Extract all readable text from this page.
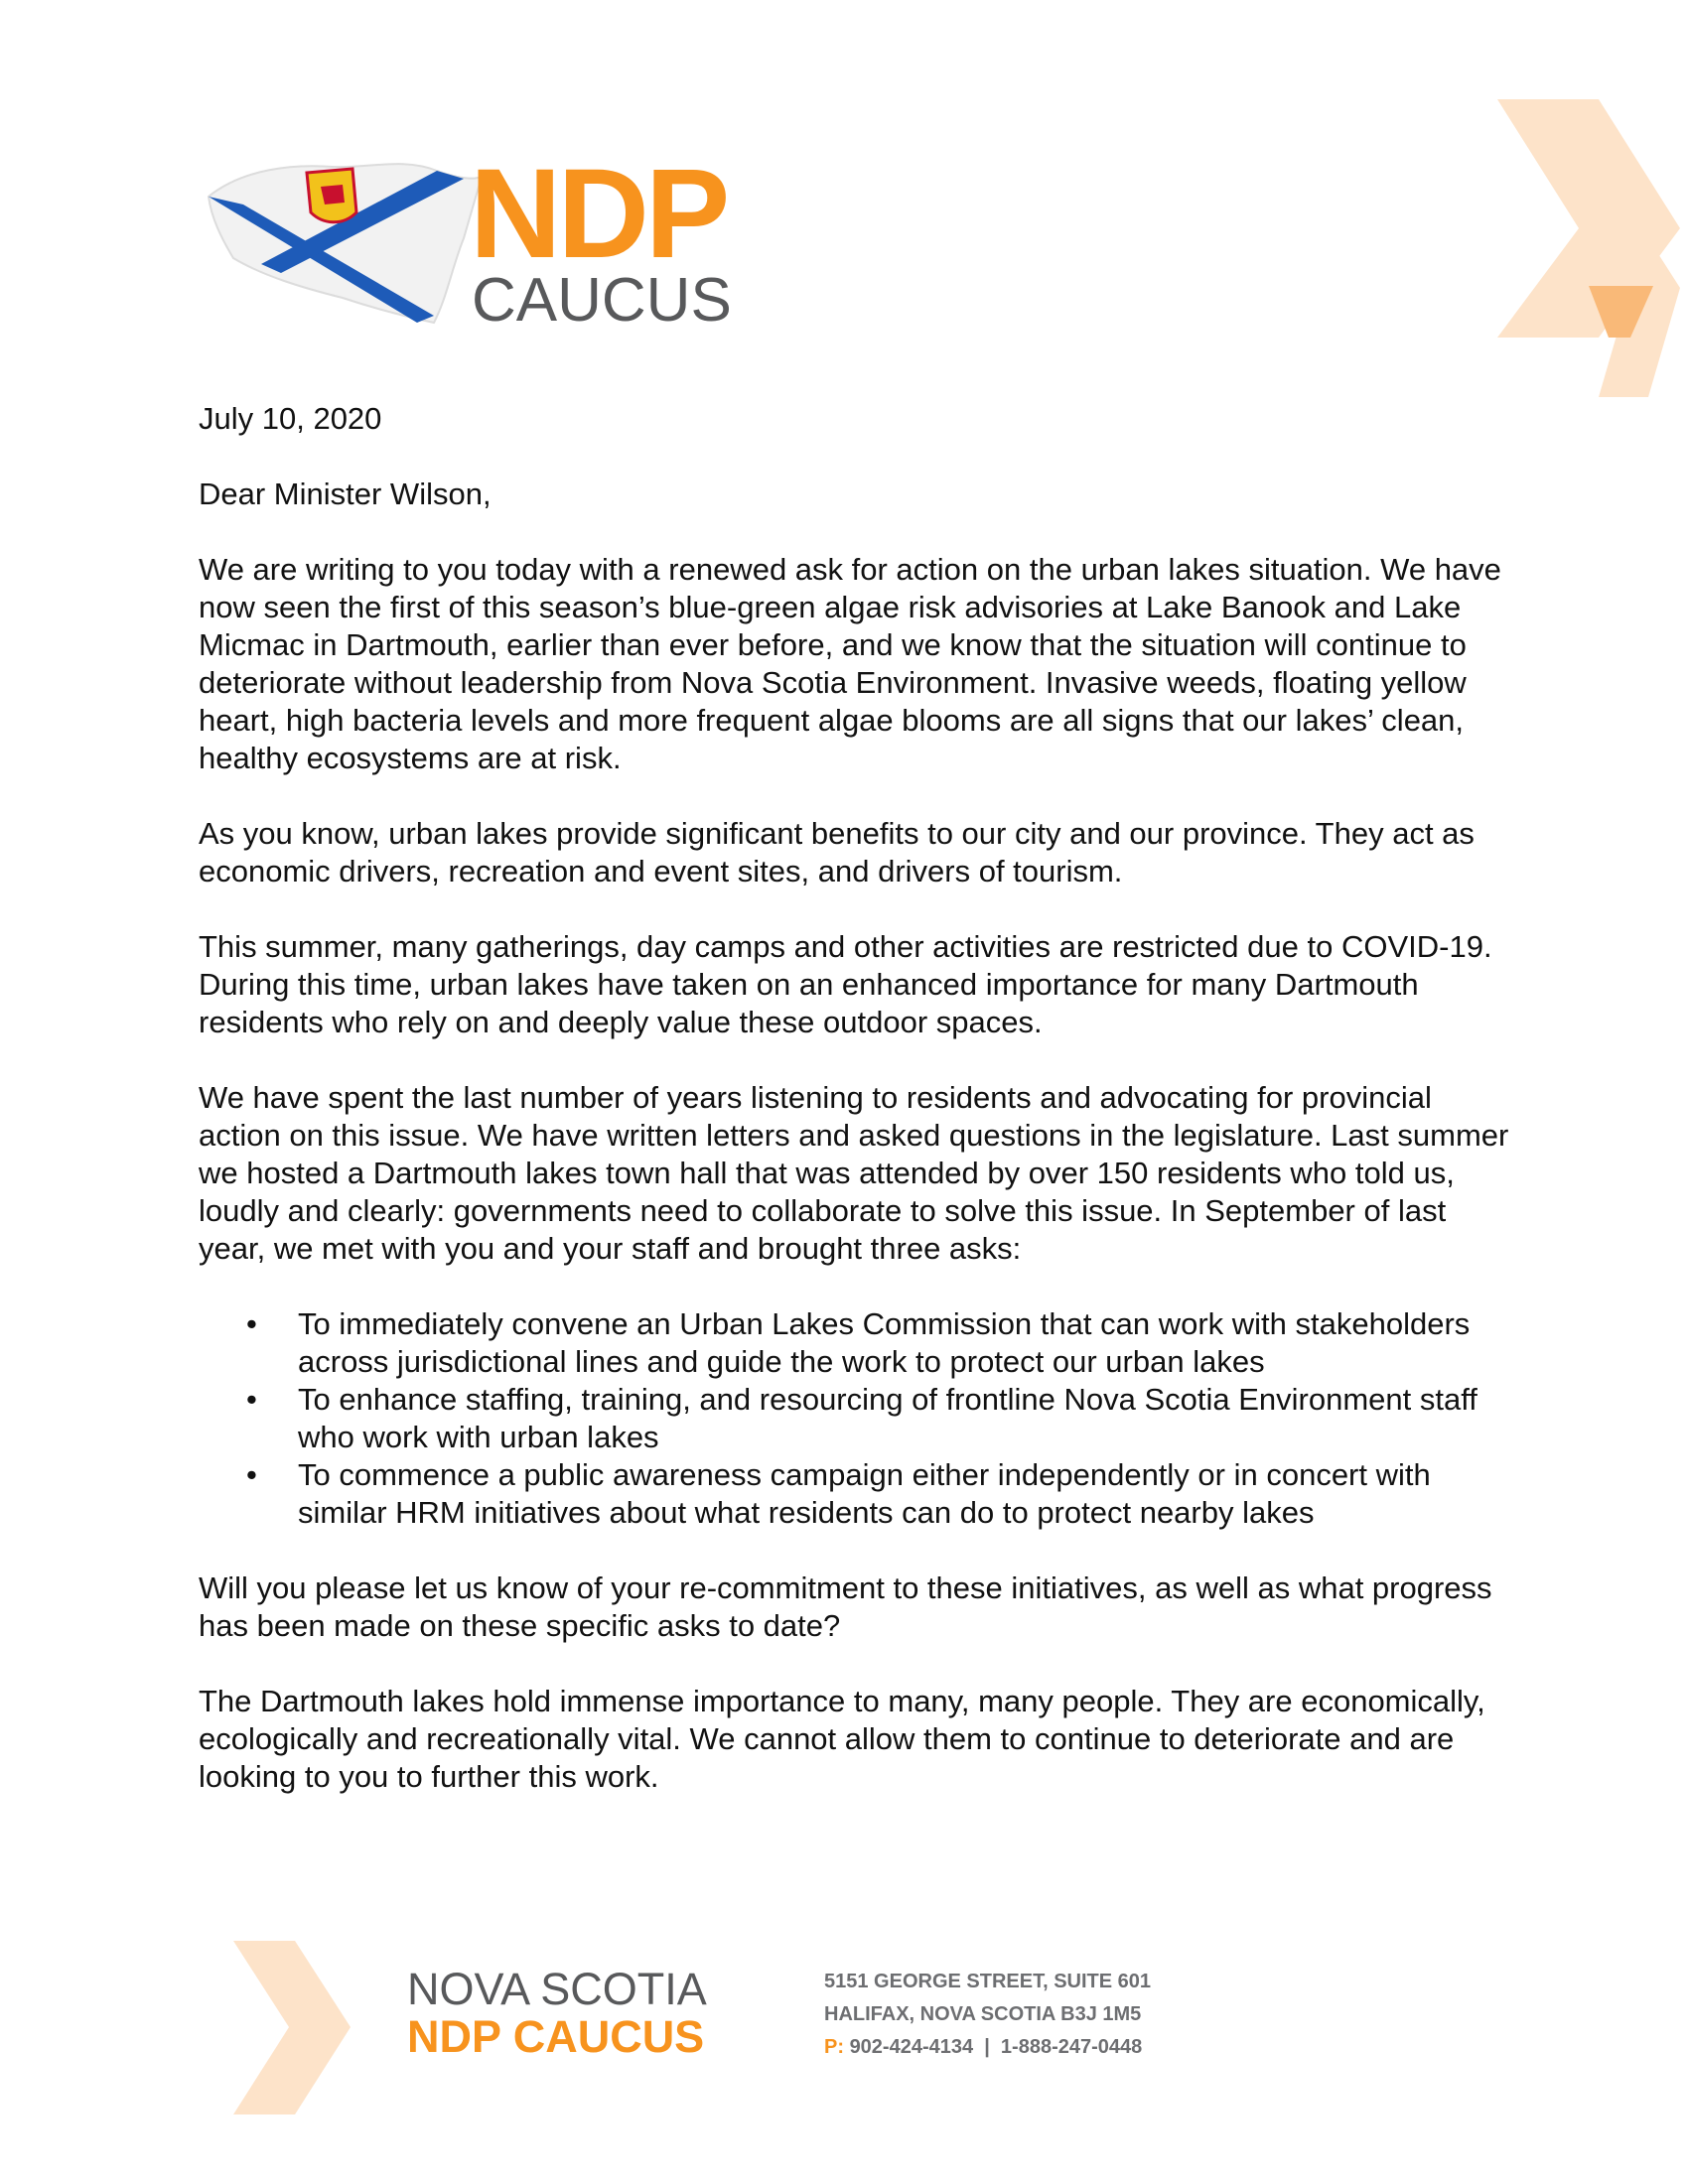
NDP
CAUCUS

July 10, 2020

Dear Minister Wilson,

We are writing to you today with a renewed ask for action on the urban lakes situation. We have now seen the first of this season’s blue-green algae risk advisories at Lake Banook and Lake Micmac in Dartmouth, earlier than ever before, and we know that the situation will continue to deteriorate without leadership from Nova Scotia Environment. Invasive weeds, floating yellow heart, high bacteria levels and more frequent algae blooms are all signs that our lakes’ clean, healthy ecosystems are at risk.

As you know, urban lakes provide significant benefits to our city and our province. They act as economic drivers, recreation and event sites, and drivers of tourism.

This summer, many gatherings, day camps and other activities are restricted due to COVID-19. During this time, urban lakes have taken on an enhanced importance for many Dartmouth residents who rely on and deeply value these outdoor spaces.

We have spent the last number of years listening to residents and advocating for provincial action on this issue. We have written letters and asked questions in the legislature. Last summer we hosted a Dartmouth lakes town hall that was attended by over 150 residents who told us, loudly and clearly: governments need to collaborate to solve this issue. In September of last year, we met with you and your staff and brought three asks:

• To immediately convene an Urban Lakes Commission that can work with stakeholders across jurisdictional lines and guide the work to protect our urban lakes
• To enhance staffing, training, and resourcing of frontline Nova Scotia Environment staff who work with urban lakes
• To commence a public awareness campaign either independently or in concert with similar HRM initiatives about what residents can do to protect nearby lakes

Will you please let us know of your re-commitment to these initiatives, as well as what progress has been made on these specific asks to date?

The Dartmouth lakes hold immense importance to many, many people. They are economically, ecologically and recreationally vital. We cannot allow them to continue to deteriorate and are looking to you to further this work.

NOVA SCOTIA
NDP CAUCUS
5151 GEORGE STREET, SUITE 601
HALIFAX, NOVA SCOTIA B3J 1M5
P: 902-424-4134  |  1-888-247-0448
